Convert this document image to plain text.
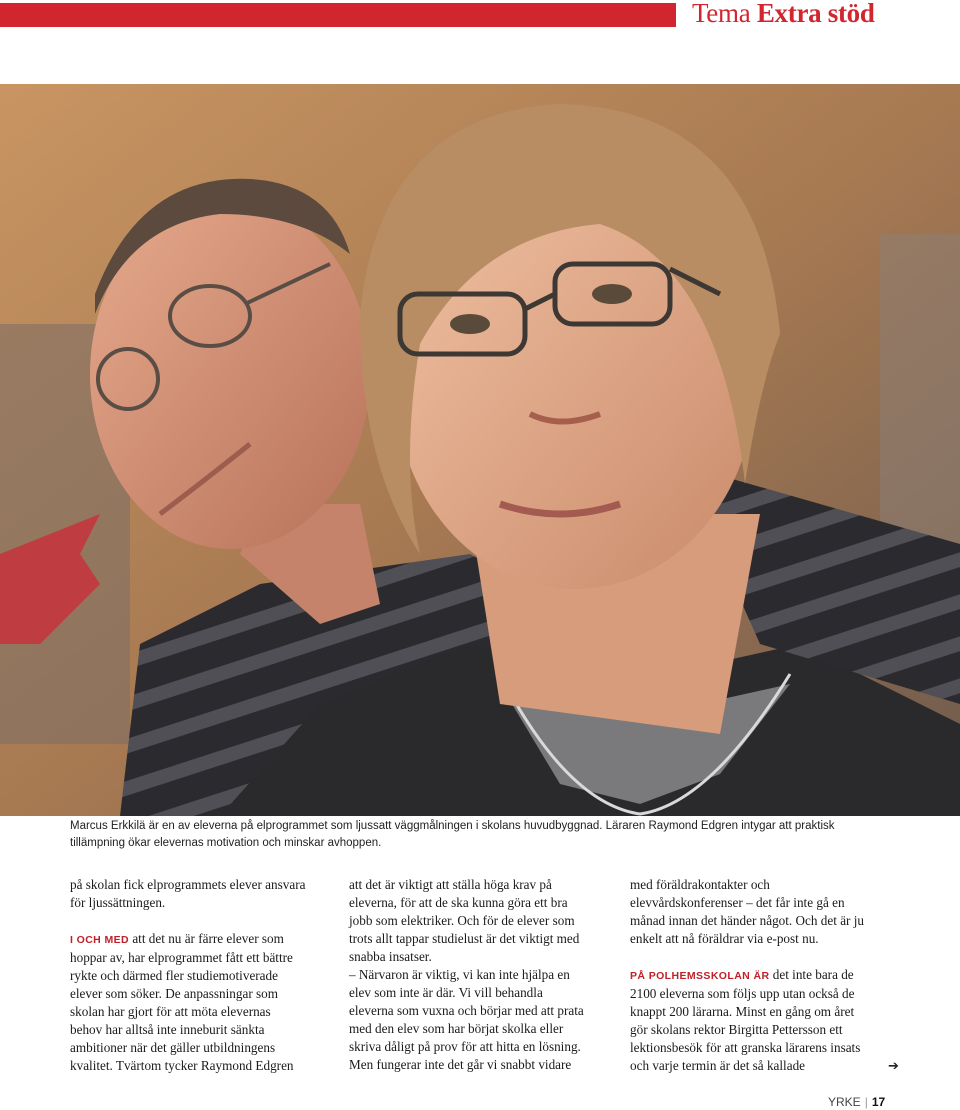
Tema Extra stöd
Marcus Erkkilä är en av eleverna på elprogrammet som ljussatt väggmålningen i skolans huvudbyggnad. Läraren Raymond Edgren intygar att praktisk tillämpning ökar elevernas motivation och minskar avhoppen.

på skolan fick elprogrammets elever ansvara för ljussättningen.

I OCH MED att det nu är färre elever som hoppar av, har elprogrammet fått ett bättre rykte och därmed fler studiemotiverade elever som söker. De anpassningar som skolan har gjort för att möta elevernas behov har alltså inte inneburit sänkta ambitioner när det gäller utbildningens kvalitet. Tvärtom tycker Raymond Edgren

att det är viktigt att ställa höga krav på eleverna, för att de ska kunna göra ett bra jobb som elektriker. Och för de elever som trots allt tappar studielust är det viktigt med snabba insatser.

– Närvaron är viktig, vi kan inte hjälpa en elev som inte är där. Vi vill behandla eleverna som vuxna och börjar med att prata med den elev som har börjat skolka eller skriva dåligt på prov för att hitta en lösning. Men fungerar inte det går vi snabbt vidare

med föräldrakontakter och elevvårdskonferenser – det får inte gå en månad innan det händer något. Och det är ju enkelt att nå föräldrar via e-post nu.

PÅ POLHEMSSKOLAN ÄR det inte bara de 2100 eleverna som följs upp utan också de knappt 200 lärarna. Minst en gång om året gör skolans rektor Birgitta Pettersson ett lektionsbesök för att granska lärarens insats och varje termin är det så kallade	➔
YRKE | 17
